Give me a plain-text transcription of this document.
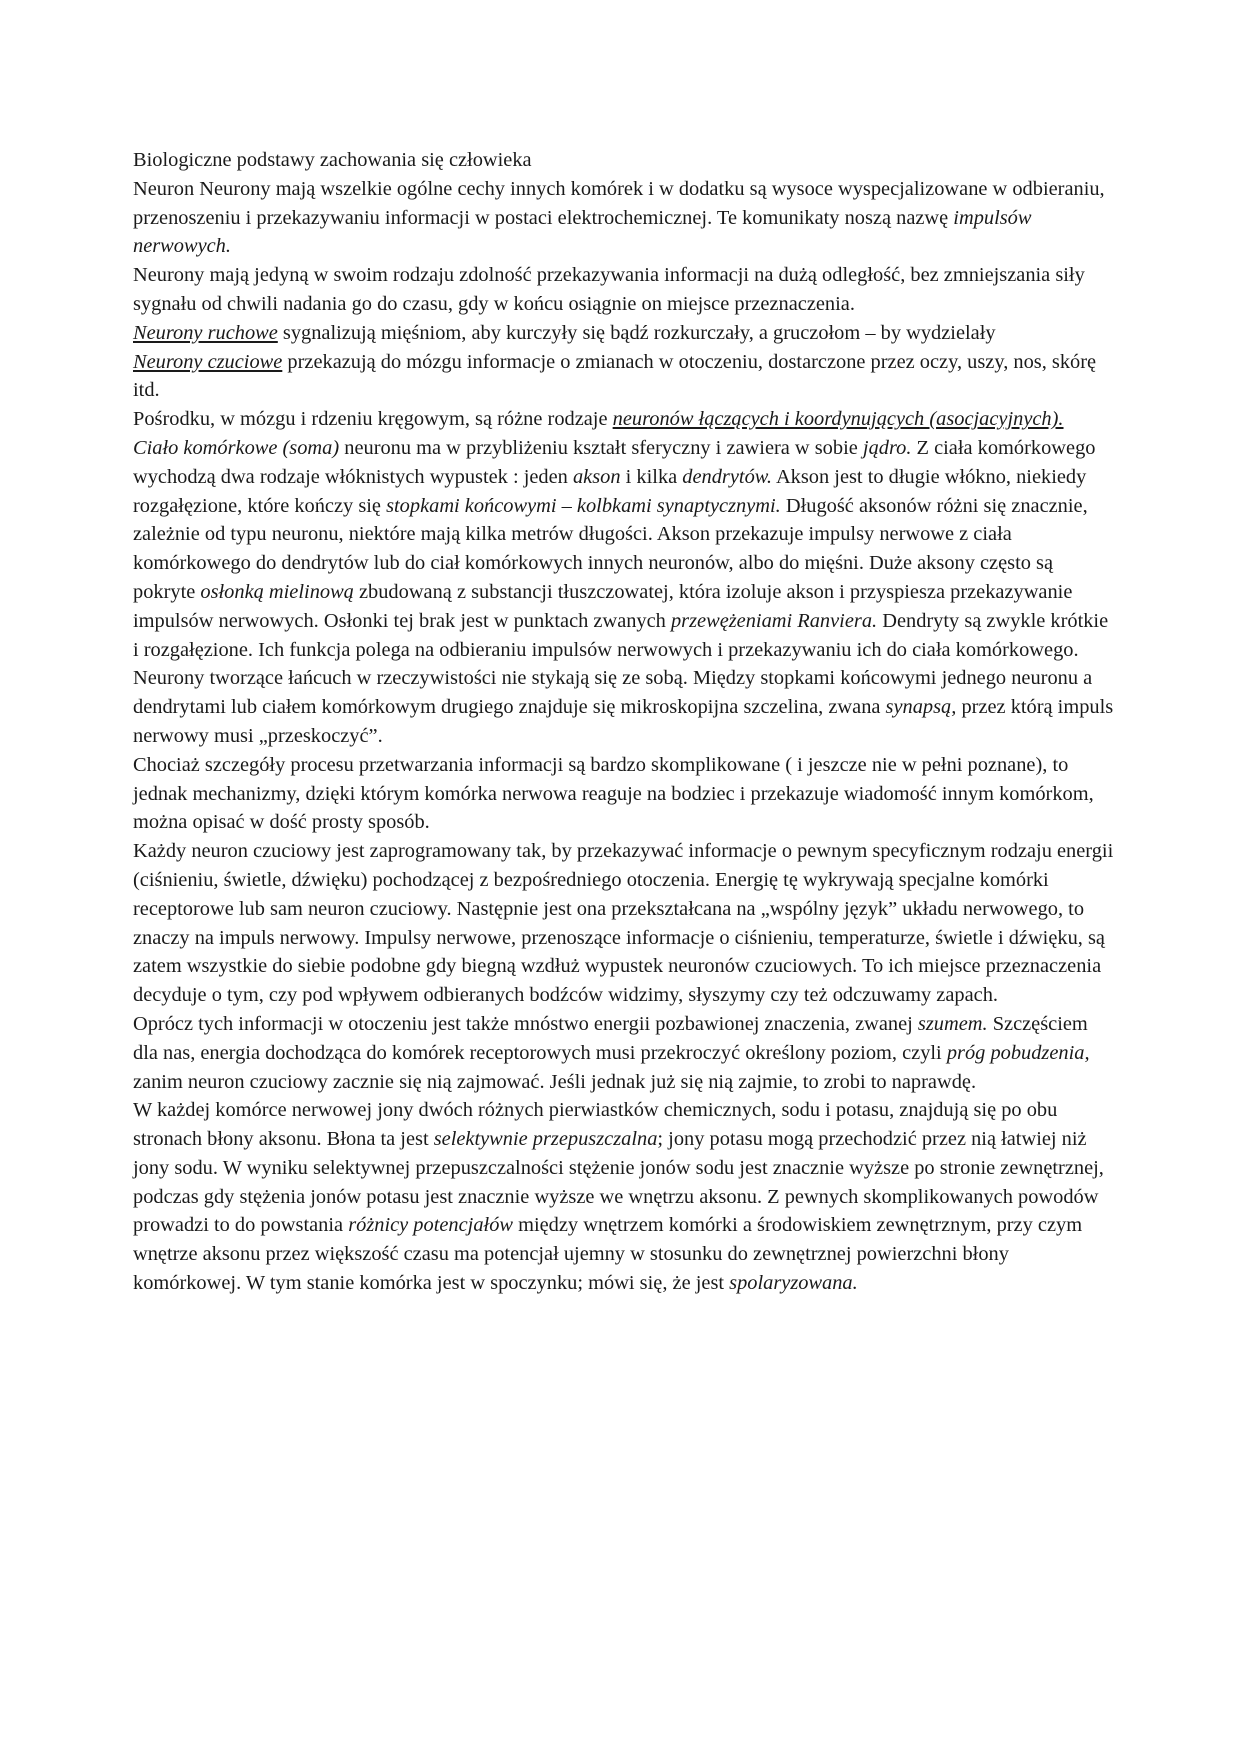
Biologiczne podstawy zachowania się człowieka

Neuron Neurony mają wszelkie ogólne cechy innych komórek i w dodatku są wysoce wyspecjalizowane w odbieraniu, przenoszeniu i przekazywaniu informacji w postaci elektrochemicznej. Te komunikaty noszą nazwę impulsów nerwowych.

Neurony mają jedyną w swoim rodzaju zdolność przekazywania informacji na dużą odległość, bez zmniejszania siły sygnału od chwili nadania go do czasu, gdy w końcu osiągnie on miejsce przeznaczenia.

Neurony ruchowe sygnalizują mięśniom, aby kurczyły się bądź rozkurczały, a gruczołom – by wydzielały

Neurony czuciowe przekazują do mózgu informacje o zmianach w otoczeniu, dostarczone przez oczy, uszy, nos, skórę itd.

Pośrodku, w mózgu i rdzeniu kręgowym, są różne rodzaje neuronów łączących i koordynujących (asocjacyjnych).

Ciało komórkowe (soma) neuronu ma w przybliżeniu kształt sferyczny i zawiera w sobie jądro. Z ciała komórkowego wychodzą dwa rodzaje włóknistych wypustek : jeden akson i kilka dendrytów. Akson jest to długie włókno, niekiedy rozgałęzione, które kończy się stopkami końcowymi – kolbkami synaptycznymi. Długość aksonów różni się znacznie, zależnie od typu neuronu, niektóre mają kilka metrów długości. Akson przekazuje impulsy nerwowe z ciała komórkowego do dendrytów lub do ciał komórkowych innych neuronów, albo do mięśni. Duże aksony często są pokryte osłonką mielinową zbudowaną z substancji tłuszczowatej, która izoluje akson i przyspiesza przekazywanie impulsów nerwowych. Osłonki tej brak jest w punktach zwanych przewężeniami Ranviera. Dendryty są zwykle krótkie i rozgałęzione. Ich funkcja polega na odbieraniu impulsów nerwowych i przekazywaniu ich do ciała komórkowego.

Neurony tworzące łańcuch w rzeczywistości nie stykają się ze sobą. Między stopkami końcowymi jednego neuronu a dendrytami lub ciałem komórkowym drugiego znajduje się mikroskopijna szczelina, zwana synapsą, przez którą impuls nerwowy musi „przeskoczyć”.

Chociaż szczegóły procesu przetwarzania informacji są bardzo skomplikowane ( i jeszcze nie w pełni poznane), to jednak mechanizmy, dzięki którym komórka nerwowa reaguje na bodziec i przekazuje wiadomość innym komórkom, można opisać w dość prosty sposób.

Każdy neuron czuciowy jest zaprogramowany tak, by przekazywać informacje o pewnym specyficznym rodzaju energii (ciśnieniu, świetle, dźwięku) pochodzącej z bezpośredniego otoczenia. Energię tę wykrywają specjalne komórki receptorowe lub sam neuron czuciowy. Następnie jest ona przekształcana na „wspólny język” układu nerwowego, to znaczy na impuls nerwowy. Impulsy nerwowe, przenoszące informacje o ciśnieniu, temperaturze, świetle i dźwięku, są zatem wszystkie do siebie podobne gdy biegną wzdłuż wypustek neuronów czuciowych. To ich miejsce przeznaczenia decyduje o tym, czy pod wpływem odbieranych bodźców widzimy, słyszymy czy też odczuwamy zapach.

Oprócz tych informacji w otoczeniu jest także mnóstwo energii pozbawionej znaczenia, zwanej szumem. Szczęściem dla nas, energia dochodząca do komórek receptorowych musi przekroczyć określony poziom, czyli próg pobudzenia, zanim neuron czuciowy zacznie się nią zajmować. Jeśli jednak już się nią zajmie, to zrobi to naprawdę.

W każdej komórce nerwowej jony dwóch różnych pierwiastków chemicznych, sodu i potasu, znajdują się po obu stronach błony aksonu. Błona ta jest selektywnie przepuszczalna; jony potasu mogą przechodzić przez nią łatwiej niż jony sodu. W wyniku selektywnej przepuszczalności stężenie jonów sodu jest znacznie wyższe po stronie zewnętrznej, podczas gdy stężenia jonów potasu jest znacznie wyższe we wnętrzu aksonu. Z pewnych skomplikowanych powodów prowadzi to do powstania różnicy potencjałów między wnętrzem komórki a środowiskiem zewnętrznym, przy czym wnętrze aksonu przez większość czasu ma potencjał ujemny w stosunku do zewnętrznej powierzchni błony komórkowej. W tym stanie komórka jest w spoczynku; mówi się, że jest spolaryzowana.
